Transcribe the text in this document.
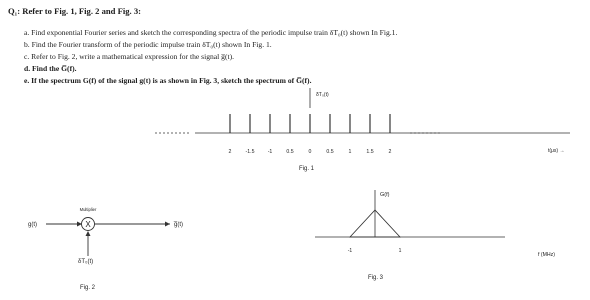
Q₁: Refer to Fig. 1, Fig. 2 and Fig. 3:
a. Find exponential Fourier series and sketch the corresponding spectra of the periodic impulse train δT₀(t) shown In Fig.1.
b. Find the Fourier transform of the periodic impulse train δT₀(t) shown In Fig. 1.
c. Refer to Fig. 2, write a mathematical expression for the signal g̅(t).
d. Find the G̅(f).
e. If the spectrum G(f) of the signal g(t) is as shown in Fig. 3, sketch the spectrum of G̅(f).
δT₀(t)
2	-1.5	-1	0.5	0	0.5	1	1.5	2	t(μs) →
Fig. 1
g(t)	X
Multiplier
g̅(t)
δT₀(t)
Fig. 2
G(f)
-1	1
f (MHz)
Fig. 3
